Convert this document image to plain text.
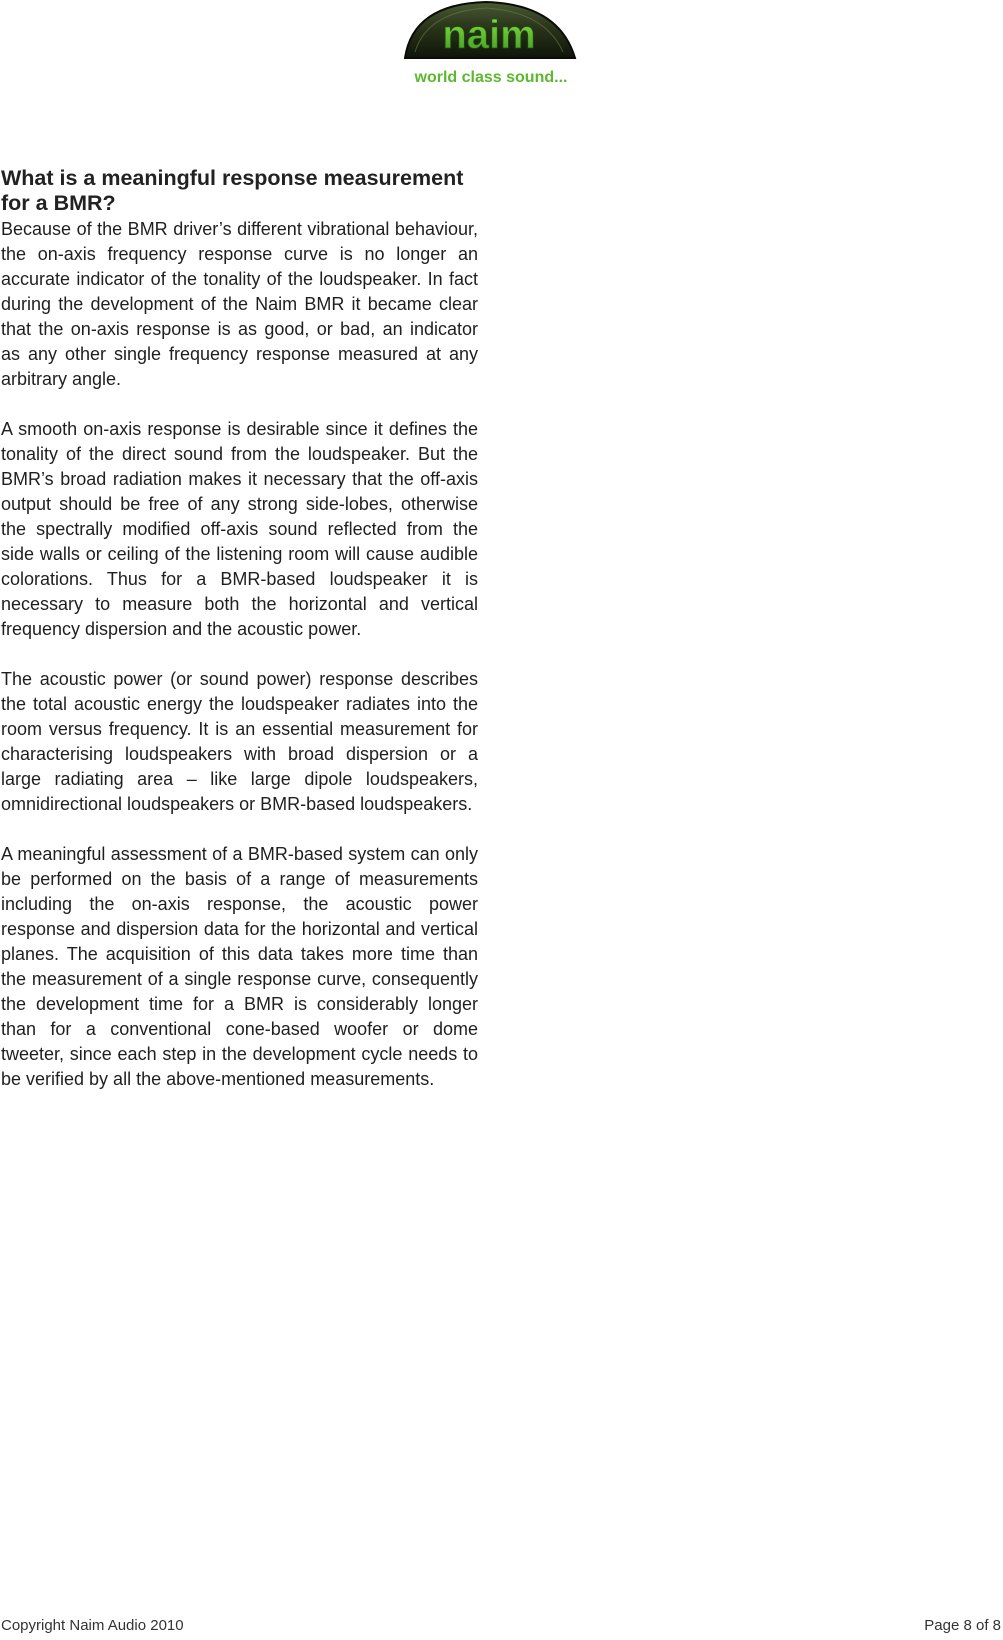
naim
world class sound...
What is a meaningful response measurement for a BMR?

Because of the BMR driver’s different vibrational behaviour, the on-axis frequency response curve is no longer an accurate indicator of the tonality of the loudspeaker. In fact during the development of the Naim BMR it became clear that the on-axis response is as good, or bad, an indicator as any other single frequency response measured at any arbitrary angle.

A smooth on-axis response is desirable since it defines the tonality of the direct sound from the loudspeaker. But the BMR’s broad radiation makes it necessary that the off-axis output should be free of any strong side-lobes, otherwise the spectrally modified off-axis sound reflected from the side walls or ceiling of the listening room will cause audible colorations. Thus for a BMR-based loudspeaker it is necessary to measure both the horizontal and vertical frequency dispersion and the acoustic power.

The acoustic power (or sound power) response describes the total acoustic energy the loudspeaker radiates into the room versus frequency. It is an essential measurement for characterising loudspeakers with broad dispersion or a large radiating area – like large dipole loudspeakers, omnidirectional loudspeakers or BMR-based loudspeakers.

A meaningful assessment of a BMR-based system can only be performed on the basis of a range of measurements including the on-axis response, the acoustic power response and dispersion data for the horizontal and vertical planes. The acquisition of this data takes more time than the measurement of a single response curve, consequently the development time for a BMR is considerably longer than for a conventional cone-based woofer or dome tweeter, since each step in the development cycle needs to be verified by all the above-mentioned measurements.

Copyright Naim Audio 2010	Page 8 of 8
